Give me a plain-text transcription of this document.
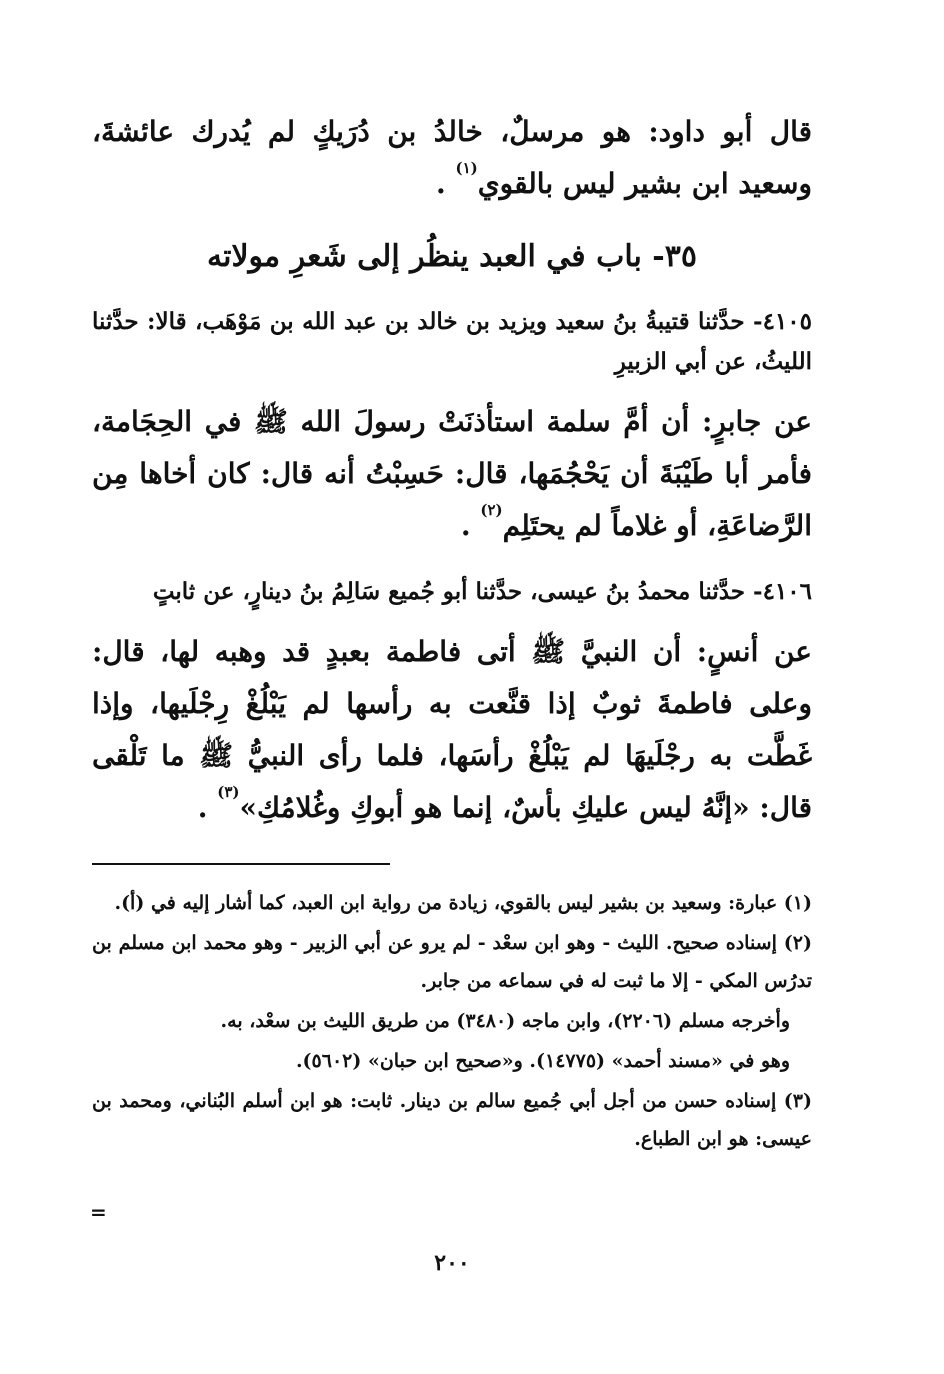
قال أبو داود: هو مرسلٌ، خالدُ بن دُرَيكٍ لم يُدرك عائشةَ، وسعيد ابن بشير ليس بالقوي$^{(١)}$ .

٣٥- باب في العبد ينظُر إلى شَعرِ مولاته

٤١٠٥- حدَّثنا قتيبةُ بنُ سعيد ويزيد بن خالد بن عبد الله بن مَوْهَب، قالا: حدَّثنا الليثُ، عن أبي الزبيرِ

عن جابرٍ: أن أمَّ سلمة استأذنَتْ رسولَ الله ﷺ في الحِجَامة، فأمر أبا طَيْبَةَ أن يَحْجُمَها، قال: حَسِبْتُ أنه قال: كان أخاها مِن الرَّضاعَةِ، أو غلاماً لم يحتَلِم$^{(٢)}$ .

٤١٠٦- حدَّثنا محمدُ بنُ عيسى، حدَّثنا أبو جُميع سَالِمُ بنُ دينارٍ، عن ثابتٍ

عن أنسٍ: أن النبيَّ ﷺ أتى فاطمة بعبدٍ قد وهبه لها، قال: وعلى فاطمةَ ثوبٌ إذا قنَّعت به رأسها لم يَبْلُغْ رِجْلَيها، وإذا غَطَّت به رجْلَيهَا لم يَبْلُغْ رأسَها، فلما رأى النبيُّ ﷺ ما تَلْقى قال: «إنَّهُ ليس عليكِ بأسٌ، إنما هو أبوكِ وغُلامُكِ»$^{(٣)}$ .

(١) عبارة: وسعيد بن بشير ليس بالقوي، زيادة من رواية ابن العبد، كما أشار إليه في (أ).

(٢) إسناده صحيح. الليث - وهو ابن سعْد - لم يرو عن أبي الزبير - وهو محمد ابن مسلم بن تدرُس المكي - إلا ما ثبت له في سماعه من جابر.

وأخرجه مسلم (٢٢٠٦)، وابن ماجه (٣٤٨٠) من طريق الليث بن سعْد، به.

وهو في «مسند أحمد» (١٤٧٧٥). و«صحيح ابن حبان» (٥٦٠٢).

(٣) إسناده حسن من أجل أبي جُميع سالم بن دينار. ثابت: هو ابن أسلم البُناني، ومحمد بن عيسى: هو ابن الطباع.

=
٢٠٠
